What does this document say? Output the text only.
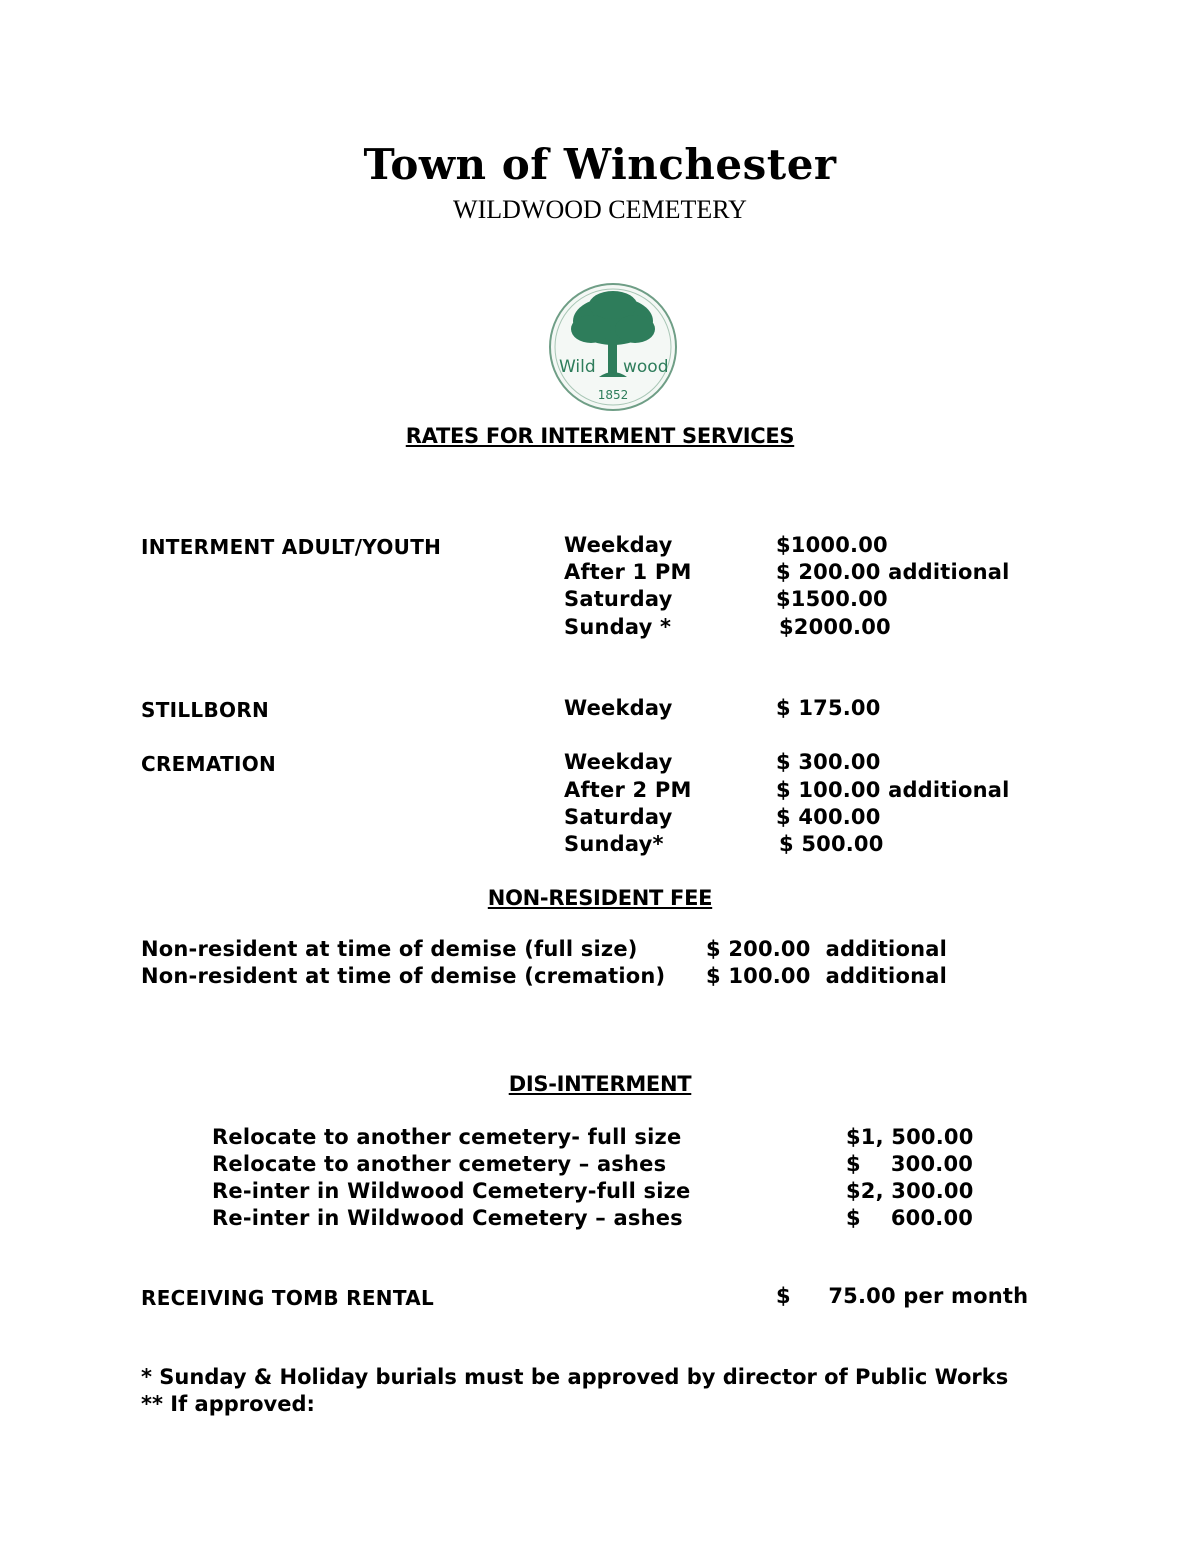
Town of Winchester
WILDWOOD CEMETERY

Wild wood
1852

RATES FOR INTERMENT SERVICES
INTERMENT ADULT/YOUTH	Weekday	$1000.00
After 1 PM	$ 200.00 additional
Saturday	$1500.00
Sunday *	$2000.00
STILLBORN	Weekday	$ 175.00
CREMATION	Weekday	$ 300.00
After 2 PM	$ 100.00 additional
Saturday	$ 400.00
Sunday*	$ 500.00
NON-RESIDENT FEE
Non-resident at time of demise (full size)	$ 200.00  additional
Non-resident at time of demise (cremation) $ 100.00  additional
DIS-INTERMENT
Relocate to another cemetery- full size	$1, 500.00
Relocate to another cemetery – ashes	$    300.00
Re-inter in Wildwood Cemetery-full size	$2, 300.00
Re-inter in Wildwood Cemetery – ashes	$    600.00
RECEIVING TOMB RENTAL	$     75.00 per month
* Sunday & Holiday burials must be approved by director of Public Works
** If approved:
